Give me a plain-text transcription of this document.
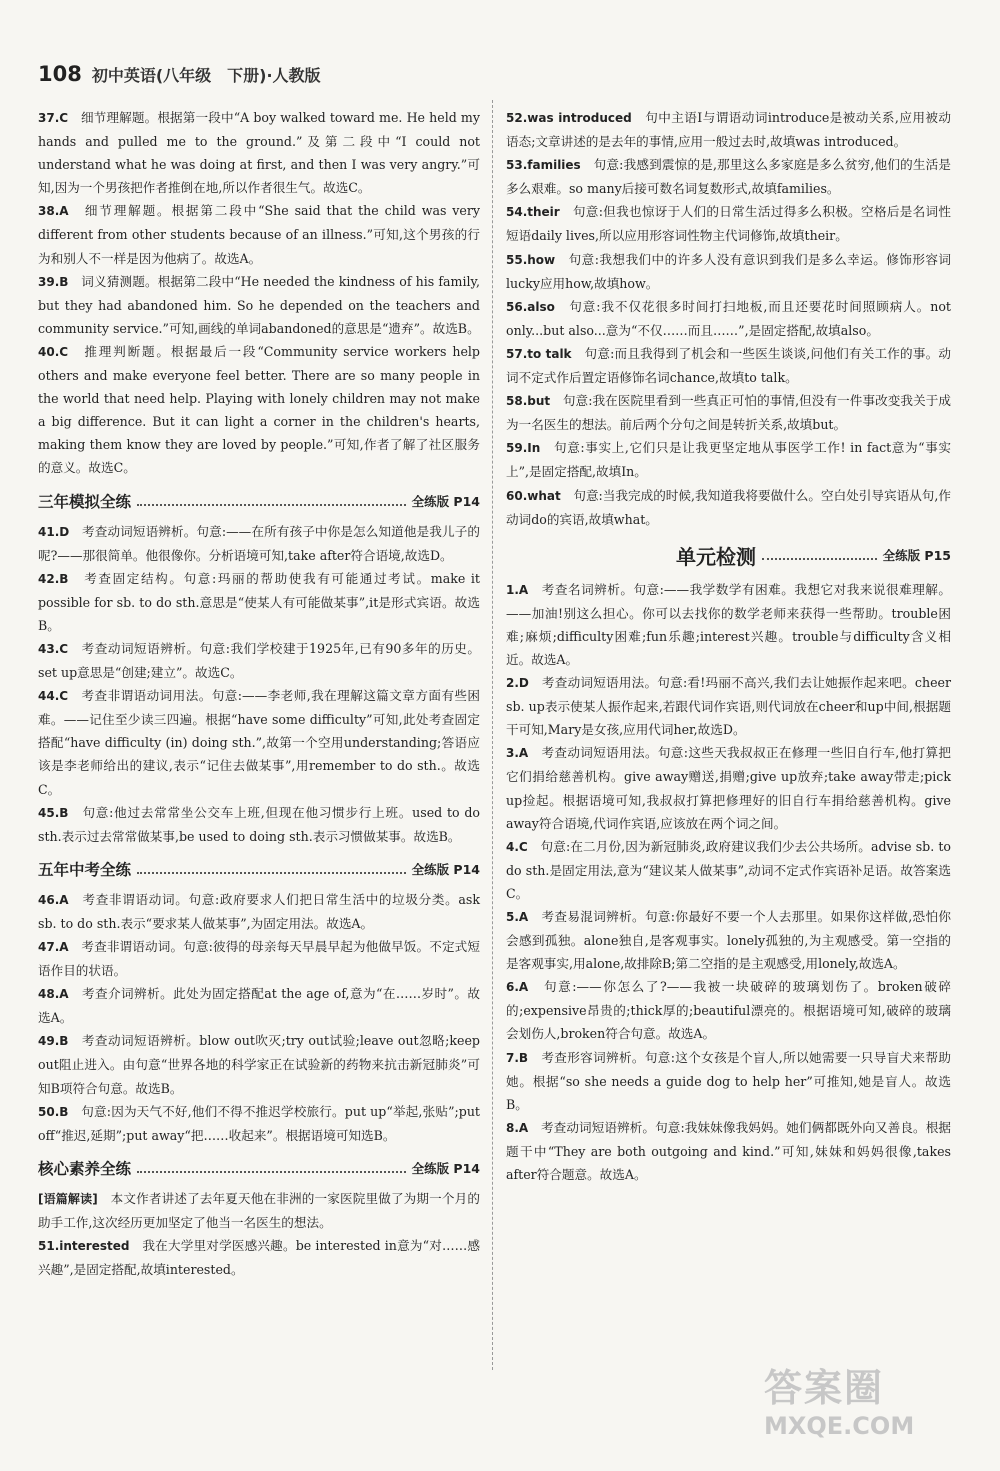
108 初中英语(八年级　下册)·人教版

37.C　细节理解题。根据第一段中“A boy walked toward me. He held my hands and pulled me to the ground.”及第二段中“I could not understand what he was doing at first, and then I was very angry.”可知,因为一个男孩把作者推倒在地,所以作者很生气。故选C。

38.A　细节理解题。根据第二段中“She said that the child was very different from other students because of an illness.”可知,这个男孩的行为和别人不一样是因为他病了。故选A。

39.B　词义猜测题。根据第二段中“He needed the kindness of his family, but they had abandoned him. So he depended on the teachers and community service.”可知,画线的单词abandoned的意思是“遗弃”。故选B。

40.C　推理判断题。根据最后一段“Community service workers help others and make everyone feel better. There are so many people in the world that need help. Playing with lonely children may not make a big difference. But it can light a corner in the children's hearts, making them know they are loved by people.”可知,作者了解了社区服务的意义。故选C。

三年模拟全练	全练版 P14

41.D　考查动词短语辨析。句意:——在所有孩子中你是怎么知道他是我儿子的呢?——那很简单。他很像你。分析语境可知,take after符合语境,故选D。

42.B　考查固定结构。句意:玛丽的帮助使我有可能通过考试。make it possible for sb. to do sth.意思是“使某人有可能做某事”,it是形式宾语。故选B。

43.C　考查动词短语辨析。句意:我们学校建于1925年,已有90多年的历史。set up意思是“创建;建立”。故选C。

44.C　考查非谓语动词用法。句意:——李老师,我在理解这篇文章方面有些困难。——记住至少读三四遍。根据“have some difficulty”可知,此处考查固定搭配“have difficulty (in) doing sth.”,故第一个空用understanding;答语应该是李老师给出的建议,表示“记住去做某事”,用remember to do sth.。故选C。

45.B　句意:他过去常常坐公交车上班,但现在他习惯步行上班。used to do sth.表示过去常常做某事,be used to doing sth.表示习惯做某事。故选B。

五年中考全练	全练版 P14

46.A　考查非谓语动词。句意:政府要求人们把日常生活中的垃圾分类。ask sb. to do sth.表示“要求某人做某事”,为固定用法。故选A。

47.A　考查非谓语动词。句意:彼得的母亲每天早晨早起为他做早饭。不定式短语作目的状语。

48.A　考查介词辨析。此处为固定搭配at the age of,意为“在……岁时”。故选A。

49.B　考查动词短语辨析。blow out吹灭;try out试验;leave out忽略;keep out阻止进入。由句意“世界各地的科学家正在试验新的药物来抗击新冠肺炎”可知B项符合句意。故选B。

50.B　句意:因为天气不好,他们不得不推迟学校旅行。put up“举起,张贴”;put off“推迟,延期”;put away“把……收起来”。根据语境可知选B。

核心素养全练	全练版 P14

[语篇解读]　本文作者讲述了去年夏天他在非洲的一家医院里做了为期一个月的助手工作,这次经历更加坚定了他当一名医生的想法。

51.interested　我在大学里对学医感兴趣。be interested in意为“对……感兴趣”,是固定搭配,故填interested。

52.was introduced　句中主语I与谓语动词introduce是被动关系,应用被动语态;文章讲述的是去年的事情,应用一般过去时,故填was introduced。

53.families　句意:我感到震惊的是,那里这么多家庭是多么贫穷,他们的生活是多么艰难。so many后接可数名词复数形式,故填families。

54.their　句意:但我也惊讶于人们的日常生活过得多么积极。空格后是名词性短语daily lives,所以应用形容词性物主代词修饰,故填their。

55.how　句意:我想我们中的许多人没有意识到我们是多么幸运。修饰形容词lucky应用how,故填how。

56.also　句意:我不仅花很多时间打扫地板,而且还要花时间照顾病人。not only...but also...意为“不仅……而且……”,是固定搭配,故填also。

57.to talk　句意:而且我得到了机会和一些医生谈谈,问他们有关工作的事。动词不定式作后置定语修饰名词chance,故填to talk。

58.but　句意:我在医院里看到一些真正可怕的事情,但没有一件事改变我关于成为一名医生的想法。前后两个分句之间是转折关系,故填but。

59.In　句意:事实上,它们只是让我更坚定地从事医学工作! in fact意为“事实上”,是固定搭配,故填In。

60.what　句意:当我完成的时候,我知道我将要做什么。空白处引导宾语从句,作动词do的宾语,故填what。

单元检测	全练版 P15

1.A　考查名词辨析。句意:——我学数学有困难。我想它对我来说很难理解。——加油!别这么担心。你可以去找你的数学老师来获得一些帮助。trouble困难;麻烦;difficulty困难;fun乐趣;interest兴趣。trouble与difficulty含义相近。故选A。

2.D　考查动词短语用法。句意:看!玛丽不高兴,我们去让她振作起来吧。cheer sb. up表示使某人振作起来,若跟代词作宾语,则代词放在cheer和up中间,根据题干可知,Mary是女孩,应用代词her,故选D。

3.A　考查动词短语用法。句意:这些天我叔叔正在修理一些旧自行车,他打算把它们捐给慈善机构。give away赠送,捐赠;give up放弃;take away带走;pick up捡起。根据语境可知,我叔叔打算把修理好的旧自行车捐给慈善机构。give away符合语境,代词作宾语,应该放在两个词之间。

4.C　句意:在二月份,因为新冠肺炎,政府建议我们少去公共场所。advise sb. to do sth.是固定用法,意为“建议某人做某事”,动词不定式作宾语补足语。故答案选C。

5.A　考查易混词辨析。句意:你最好不要一个人去那里。如果你这样做,恐怕你会感到孤独。alone独自,是客观事实。lonely孤独的,为主观感受。第一空指的是客观事实,用alone,故排除B;第二空指的是主观感受,用lonely,故选A。

6.A　句意:——你怎么了?——我被一块破碎的玻璃划伤了。broken破碎的;expensive昂贵的;thick厚的;beautiful漂亮的。根据语境可知,破碎的玻璃会划伤人,broken符合句意。故选A。

7.B　考查形容词辨析。句意:这个女孩是个盲人,所以她需要一只导盲犬来帮助她。根据“so she needs a guide dog to help her”可推知,她是盲人。故选B。

8.A　考查动词短语辨析。句意:我妹妹像我妈妈。她们俩都既外向又善良。根据题干中“They are both outgoing and kind.”可知,妹妹和妈妈很像,takes after符合题意。故选A。

答案圈
MXQE.COM
